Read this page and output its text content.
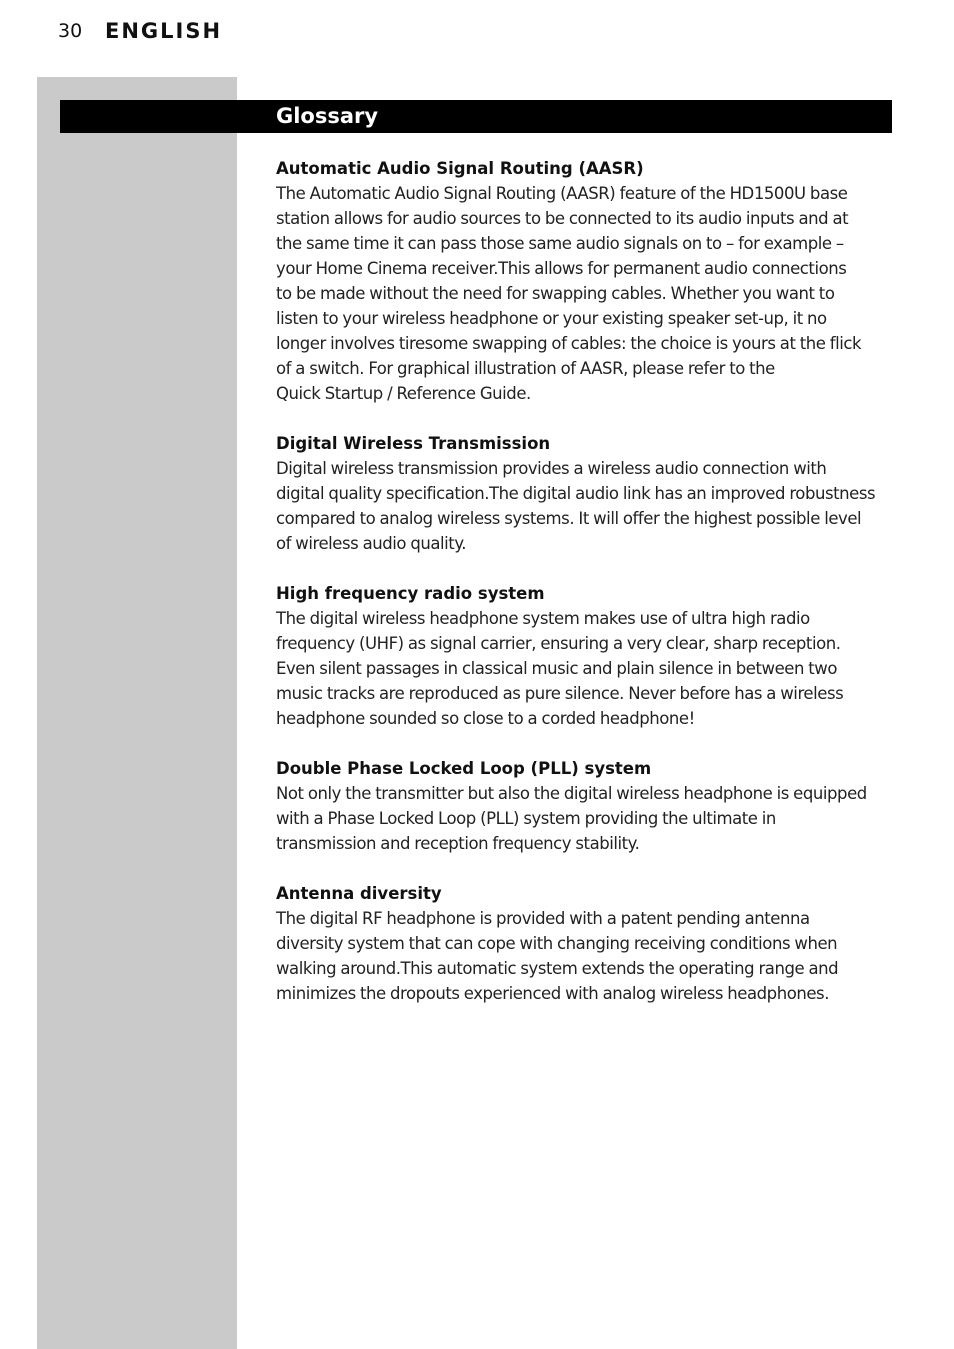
30 ENGLISH
Glossary

Automatic Audio Signal Routing (AASR)

The Automatic Audio Signal Routing (AASR) feature of the HD1500U base
station allows for audio sources to be connected to its audio inputs and at
the same time it can pass those same audio signals on to – for example –
your Home Cinema receiver.This allows for permanent audio connections
to be made without the need for swapping cables. Whether you want to
listen to your wireless headphone or your existing speaker set-up, it no
longer involves tiresome swapping of cables: the choice is yours at the flick
of a switch. For graphical illustration of AASR, please refer to the
Quick Startup / Reference Guide.

Digital Wireless Transmission

Digital wireless transmission provides a wireless audio connection with
digital quality specification.The digital audio link has an improved robustness
compared to analog wireless systems. It will offer the highest possible level
of wireless audio quality.

High frequency radio system

The digital wireless headphone system makes use of ultra high radio
frequency (UHF) as signal carrier, ensuring a very clear, sharp reception.
Even silent passages in classical music and plain silence in between two
music tracks are reproduced as pure silence. Never before has a wireless
headphone sounded so close to a corded headphone!

Double Phase Locked Loop (PLL) system

Not only the transmitter but also the digital wireless headphone is equipped
with a Phase Locked Loop (PLL) system providing the ultimate in
transmission and reception frequency stability.

Antenna diversity

The digital RF headphone is provided with a patent pending antenna
diversity system that can cope with changing receiving conditions when
walking around.This automatic system extends the operating range and
minimizes the dropouts experienced with analog wireless headphones.
